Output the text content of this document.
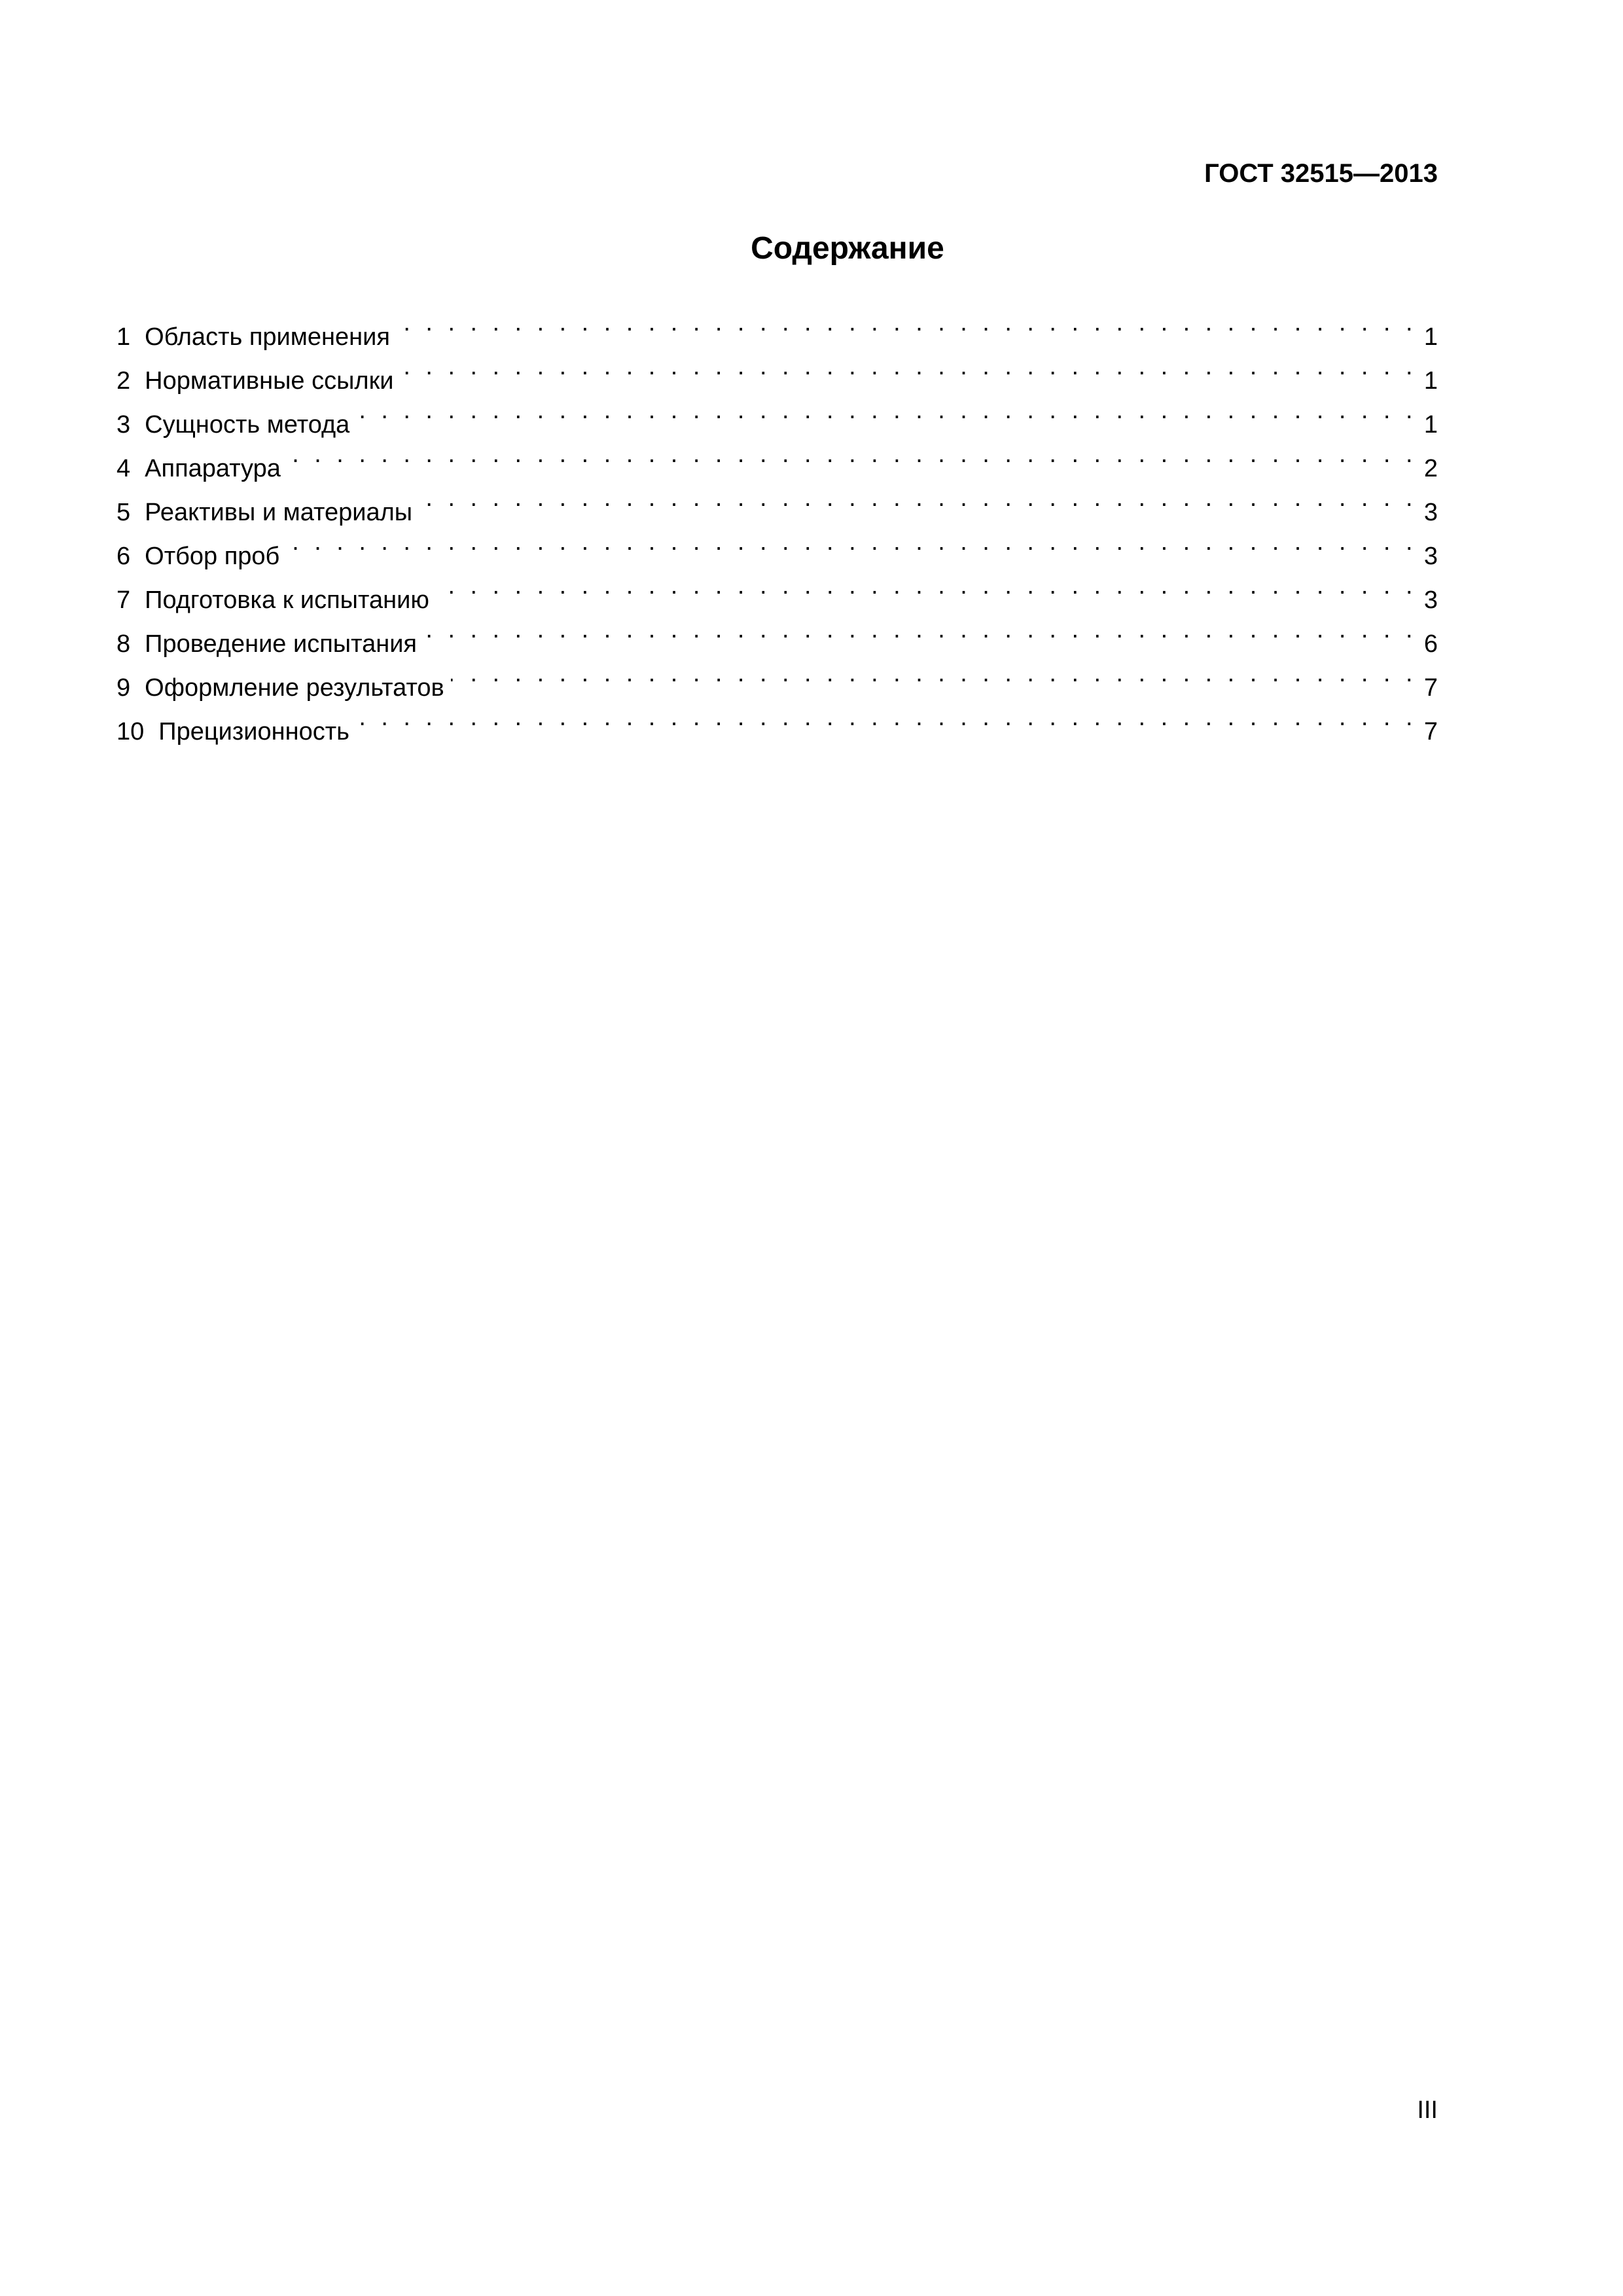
ГОСТ 32515—2013
Содержание
1 Область применения . . .	1
2 Нормативные ссылки . . .	1
3 Сущность метода . . .	1
4 Аппаратура . . .	2
5 Реактивы и материалы . . .	3
6 Отбор проб . . .	3
7 Подготовка к испытанию . . .	3
8 Проведение испытания . . .	6
9 Оформление результатов . . .	7
10 Прецизионность . . .	7
III
